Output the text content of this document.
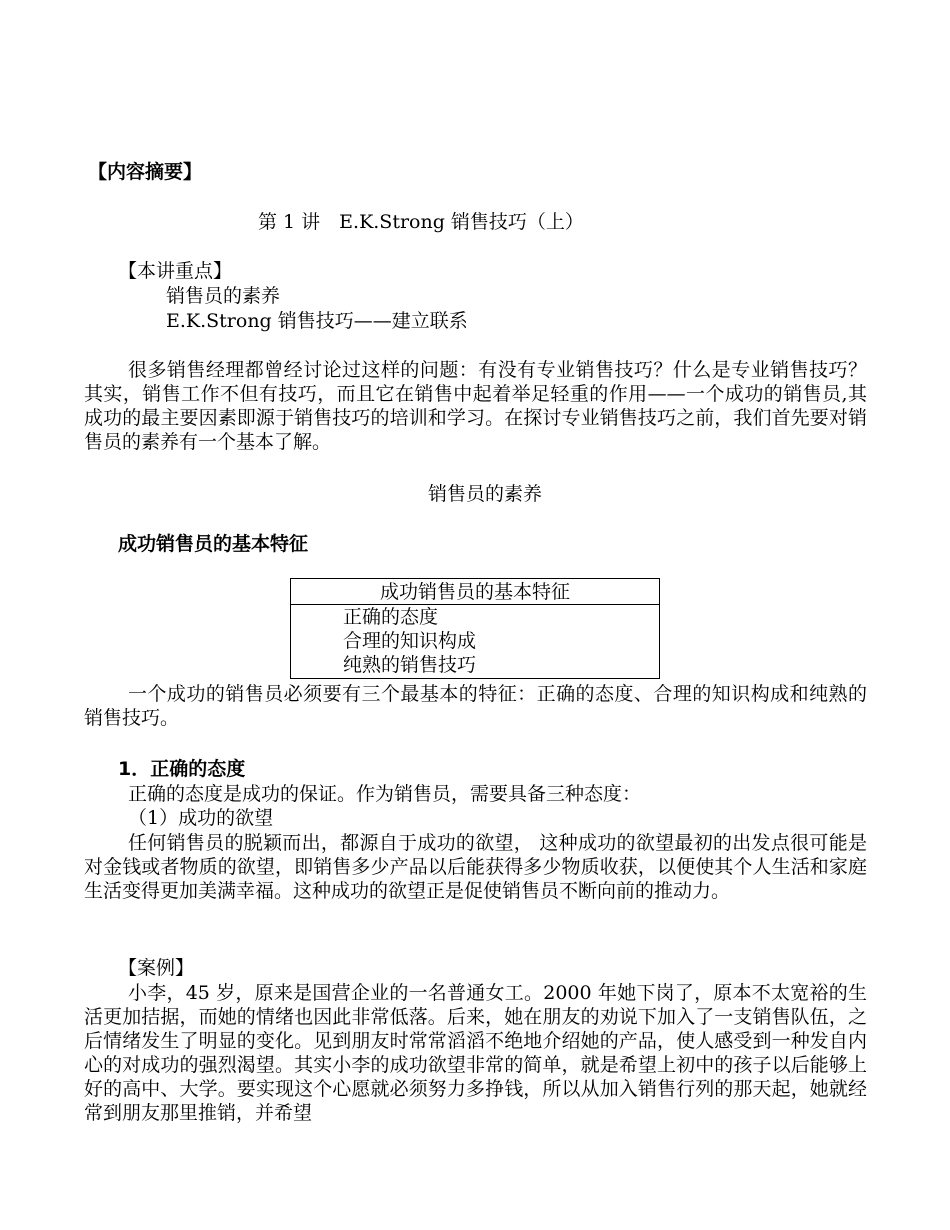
【内容摘要】
第 1 讲　E.K.Strong 销售技巧（上）
【本讲重点】
销售员的素养
E.K.Strong 销售技巧——建立联系
很多销售经理都曾经讨论过这样的问题：有没有专业销售技巧？什么是专业销售技巧？其实，销售工作不但有技巧，而且它在销售中起着举足轻重的作用——一个成功的销售员,其成功的最主要因素即源于销售技巧的培训和学习。在探讨专业销售技巧之前，我们首先要对销售员的素养有一个基本了解。
销售员的素养
成功销售员的基本特征
成功销售员的基本特征
正确的态度
合理的知识构成
纯熟的销售技巧
一个成功的销售员必须要有三个最基本的特征：正确的态度、合理的知识构成和纯熟的销售技巧。
1．正确的态度
正确的态度是成功的保证。作为销售员，需要具备三种态度：
（1）成功的欲望
任何销售员的脱颖而出，都源自于成功的欲望， 这种成功的欲望最初的出发点很可能是对金钱或者物质的欲望，即销售多少产品以后能获得多少物质收获，以便使其个人生活和家庭生活变得更加美满幸福。这种成功的欲望正是促使销售员不断向前的推动力。
【案例】
小李，45 岁，原来是国营企业的一名普通女工。2000 年她下岗了，原本不太宽裕的生活更加拮据，而她的情绪也因此非常低落。后来，她在朋友的劝说下加入了一支销售队伍，之后情绪发生了明显的变化。见到朋友时常常滔滔不绝地介绍她的产品，使人感受到一种发自内心的对成功的强烈渴望。其实小李的成功欲望非常的简单，就是希望上初中的孩子以后能够上好的高中、大学。要实现这个心愿就必须努力多挣钱，所以从加入销售行列的那天起，她就经常到朋友那里推销，并希望
